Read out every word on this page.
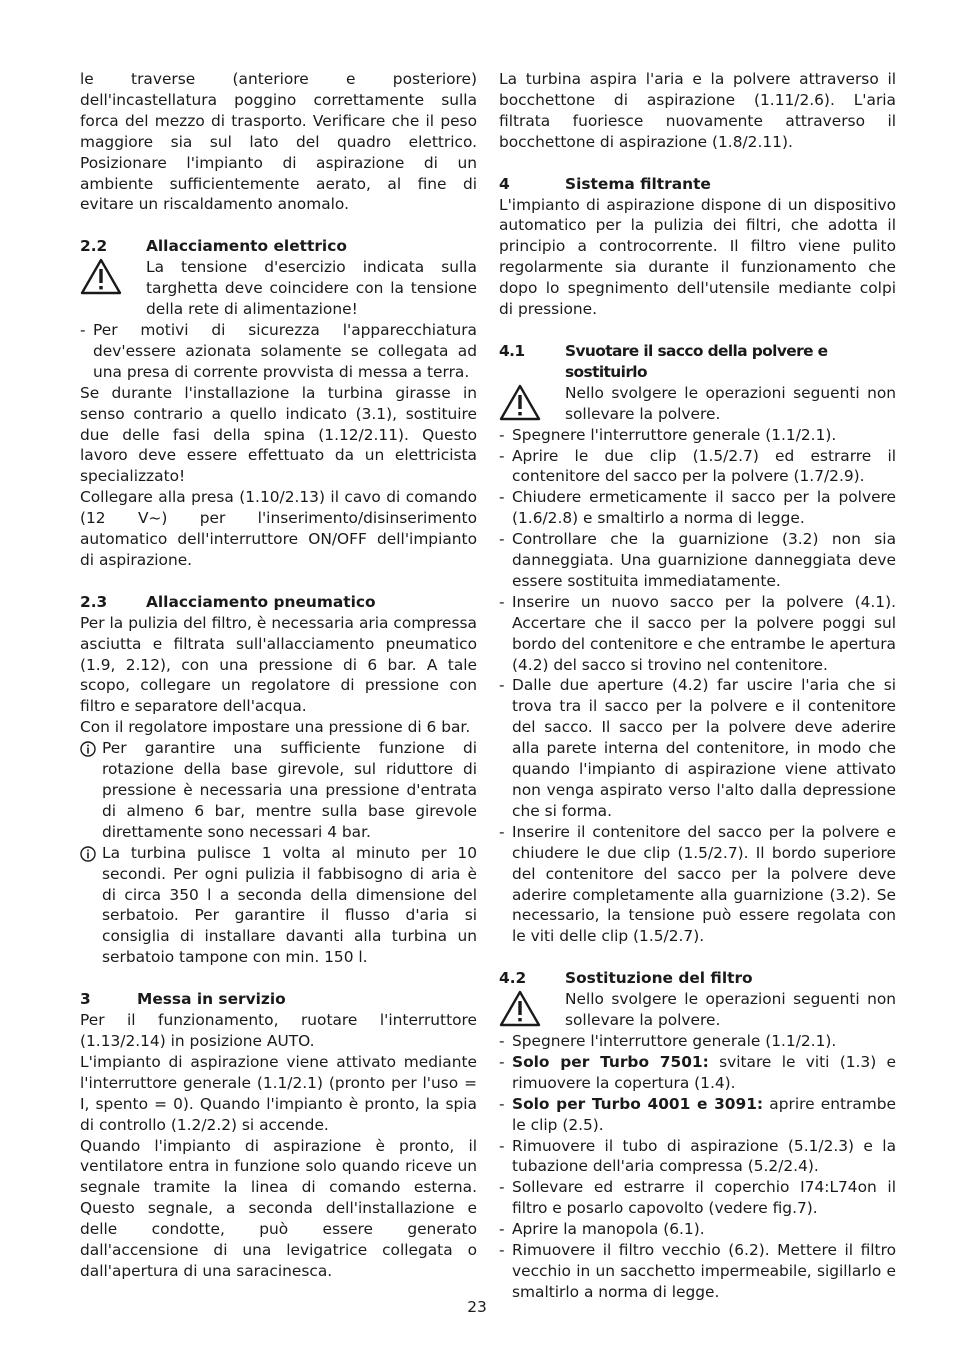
le traverse (anteriore e posteriore) dell'incastellatura poggino correttamente sulla forca del mezzo di trasporto. Verificare che il peso maggiore sia sul lato del quadro elettrico. Posizionare l'impianto di aspirazione di un ambiente sufficientemente aerato, al fine di evitare un riscaldamento anomalo.

2.2	Allacciamento elettrico

La tensione d'esercizio indicata sulla targhetta deve coincidere con la tensione della rete di alimentazione!

- Per motivi di sicurezza l'apparecchiatura dev'essere azionata solamente se collegata ad una presa di corrente provvista di messa a terra.

Se durante l'installazione la turbina girasse in senso contrario a quello indicato (3.1), sostituire due delle fasi della spina (1.12/2.11). Questo lavoro deve essere effettuato da un elettricista specializzato!

Collegare alla presa (1.10/2.13) il cavo di comando (12 V~) per l'inserimento/disinserimento automatico dell'interruttore ON/OFF dell'impianto di aspirazione.

2.3	Allacciamento pneumatico

Per la pulizia del filtro, è necessaria aria compressa asciutta e filtrata sull'allacciamento pneumatico (1.9, 2.12), con una pressione di 6 bar. A tale scopo, collegare un regolatore di pressione con filtro e separatore dell'acqua.

Con il regolatore impostare una pressione di 6 bar.

Per garantire una sufficiente funzione di rotazione della base girevole, sul riduttore di pressione è necessaria una pressione d'entrata di almeno 6 bar, mentre sulla base girevole direttamente sono necessari 4 bar.

La turbina pulisce 1 volta al minuto per 10 secondi. Per ogni pulizia il fabbisogno di aria è di circa 350 l a seconda della dimensione del serbatoio. Per garantire il flusso d'aria si consiglia di installare davanti alla turbina un serbatoio tampone con min. 150 l.

3	Messa in servizio

Per il funzionamento, ruotare l'interruttore (1.13/2.14) in posizione AUTO.

L'impianto di aspirazione viene attivato mediante l'interruttore generale (1.1/2.1) (pronto per l'uso = I, spento = 0). Quando l'impianto è pronto, la spia di controllo (1.2/2.2) si accende.

Quando l'impianto di aspirazione è pronto, il ventilatore entra in funzione solo quando riceve un segnale tramite la linea di comando esterna. Questo segnale, a seconda dell'installazione e delle condotte, può essere generato dall'accensione di una levigatrice collegata o dall'apertura di una saracinesca.

La turbina aspira l'aria e la polvere attraverso il bocchettone di aspirazione (1.11/2.6). L'aria filtrata fuoriesce nuovamente attraverso il bocchettone di aspirazione (1.8/2.11).

4	Sistema filtrante

L'impianto di aspirazione dispone di un dispositivo automatico per la pulizia dei filtri, che adotta il principio a controcorrente. Il filtro viene pulito regolarmente sia durante il funzionamento che dopo lo spegnimento dell'utensile mediante colpi di pressione.

4.1	Svuotare il sacco della polvere e sostituirlo

Nello svolgere le operazioni seguenti non sollevare la polvere.

- Spegnere l'interruttore generale (1.1/2.1).

- Aprire le due clip (1.5/2.7) ed estrarre il contenitore del sacco per la polvere (1.7/2.9).

- Chiudere ermeticamente il sacco per la polvere (1.6/2.8) e smaltirlo a norma di legge.

- Controllare che la guarnizione (3.2) non sia danneggiata. Una guarnizione danneggiata deve essere sostituita immediatamente.

- Inserire un nuovo sacco per la polvere (4.1). Accertare che il sacco per la polvere poggi sul bordo del contenitore e che entrambe le apertura (4.2) del sacco si trovino nel contenitore.

- Dalle due aperture (4.2) far uscire l'aria che si trova tra il sacco per la polvere e il contenitore del sacco. Il sacco per la polvere deve aderire alla parete interna del contenitore, in modo che quando l'impianto di aspirazione viene attivato non venga aspirato verso l'alto dalla depressione che si forma.

- Inserire il contenitore del sacco per la polvere e chiudere le due clip (1.5/2.7). Il bordo superiore del contenitore del sacco per la polvere deve aderire completamente alla guarnizione (3.2). Se necessario, la tensione può essere regolata con le viti delle clip (1.5/2.7).

4.2	Sostituzione del filtro

Nello svolgere le operazioni seguenti non sollevare la polvere.

- Spegnere l'interruttore generale (1.1/2.1).

- Solo per Turbo 7501: svitare le viti (1.3) e rimuovere la copertura (1.4).

- Solo per Turbo 4001 e 3091: aprire entrambe le clip (2.5).

- Rimuovere il tubo di aspirazione (5.1/2.3) e la tubazione dell'aria compressa (5.2/2.4).

- Sollevare ed estrarre il coperchio I74:L74on il filtro e posarlo capovolto (vedere fig.7).

- Aprire la manopola (6.1).

- Rimuovere il filtro vecchio (6.2). Mettere il filtro vecchio in un sacchetto impermeabile, sigillarlo e smaltirlo a norma di legge.

23
